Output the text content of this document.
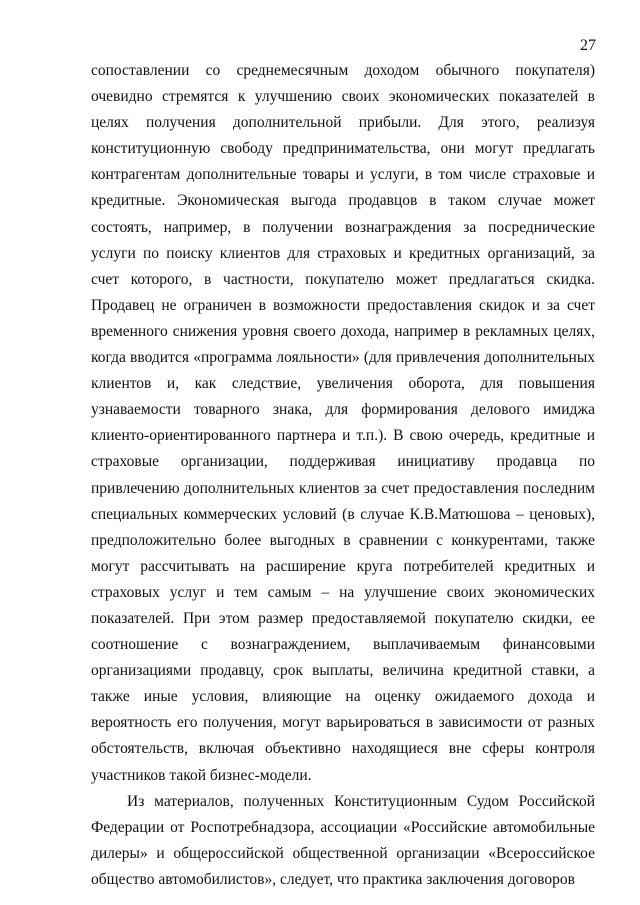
27

сопоставлении со среднемесячным доходом обычного покупателя) очевидно стремятся к улучшению своих экономических показателей в целях получения дополнительной прибыли. Для этого, реализуя конституционную свободу предпринимательства, они могут предлагать контрагентам дополнительные товары и услуги, в том числе страховые и кредитные. Экономическая выгода продавцов в таком случае может состоять, например, в получении вознаграждения за посреднические услуги по поиску клиентов для страховых и кредитных организаций, за счет которого, в частности, покупателю может предлагаться скидка. Продавец не ограничен в возможности предоставления скидок и за счет временного снижения уровня своего дохода, например в рекламных целях, когда вводится «программа лояльности» (для привлечения дополнительных клиентов и, как следствие, увеличения оборота, для повышения узнаваемости товарного знака, для формирования делового имиджа клиенто-ориентированного партнера и т.п.). В свою очередь, кредитные и страховые организации, поддерживая инициативу продавца по привлечению дополнительных клиентов за счет предоставления последним специальных коммерческих условий (в случае К.В.Матюшова – ценовых), предположительно более выгодных в сравнении с конкурентами, также могут рассчитывать на расширение круга потребителей кредитных и страховых услуг и тем самым – на улучшение своих экономических показателей. При этом размер предоставляемой покупателю скидки, ее соотношение с вознаграждением, выплачиваемым финансовыми организациями продавцу, срок выплаты, величина кредитной ставки, а также иные условия, влияющие на оценку ожидаемого дохода и вероятность его получения, могут варьироваться в зависимости от разных обстоятельств, включая объективно находящиеся вне сферы контроля участников такой бизнес-модели.

Из материалов, полученных Конституционным Судом Российской Федерации от Роспотребнадзора, ассоциации «Российские автомобильные дилеры» и общероссийской общественной организации «Всероссийское общество автомобилистов», следует, что практика заключения договоров
